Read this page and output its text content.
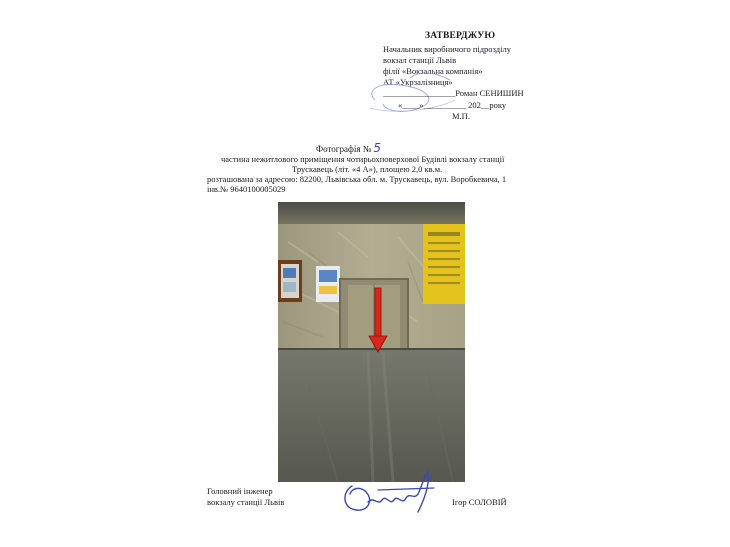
ЗАТВЕРДЖУЮ
Начальник виробничого підрозділу
вокзал станції Львів
філії «Вокзальна компанія»
АТ «Укрзалізниця»
_________________Роман СЕНИШИН
«____»__________ 202__року
М.П.
Фотографія № 5
частина нежитлового приміщення чотирьохповерхової Будівлі вокзалу станції
Трускавець (літ. «4 А»), площею 2,0 кв.м.
розташована за адресою: 82200, Львівська обл. м. Трускавець, вул. Воробкевича, 1
інв.№ 9640100005029
Головний інженер
вокзалу станції Львів	Ігор СОЛОВІЙ
